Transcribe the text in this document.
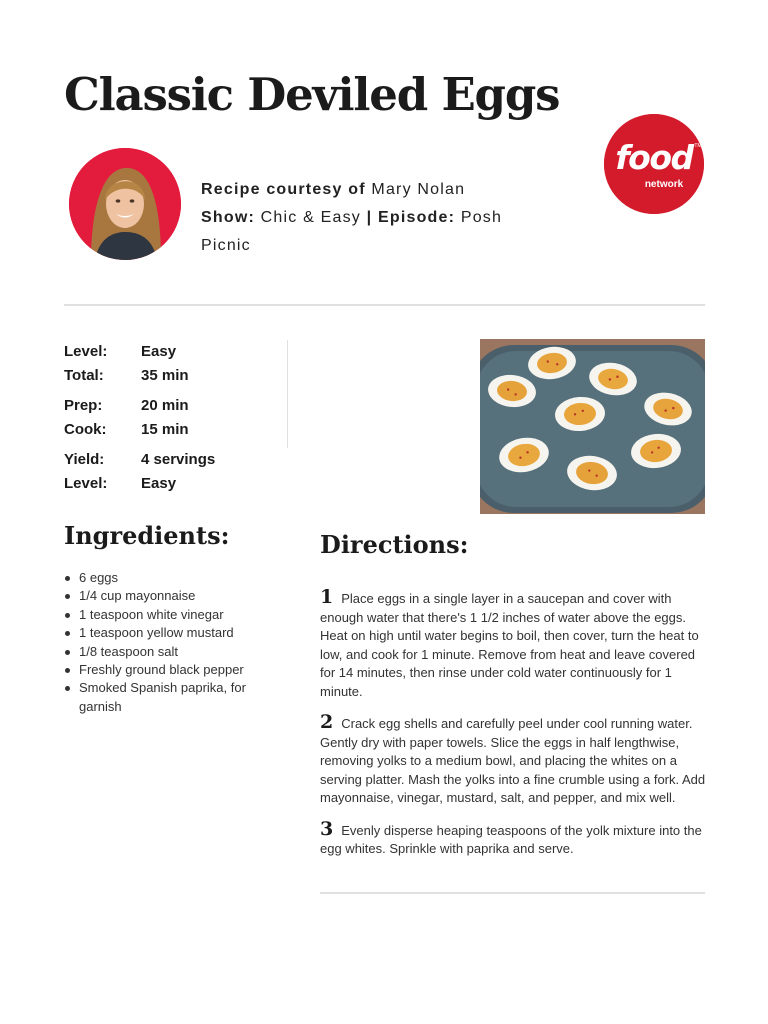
Classic Deviled Eggs
Recipe courtesy of Mary Nolan
Show: Chic & Easy | Episode: Posh Picnic
food
network
TM
Level:	Easy
Total:	35 min
Prep:	20 min
Cook:	15 min
Yield:	4 servings
Level:	Easy
Ingredients:
6 eggs
1/4 cup mayonnaise
1 teaspoon white vinegar
1 teaspoon yellow mustard
1/8 teaspoon salt
Freshly ground black pepper
Smoked Spanish paprika, for garnish
Directions:
1 Place eggs in a single layer in a saucepan and cover with enough water that there's 1 1/2 inches of water above the eggs. Heat on high until water begins to boil, then cover, turn the heat to low, and cook for 1 minute. Remove from heat and leave covered for 14 minutes, then rinse under cold water continuously for 1 minute.
2 Crack egg shells and carefully peel under cool running water. Gently dry with paper towels. Slice the eggs in half lengthwise, removing yolks to a medium bowl, and placing the whites on a serving platter. Mash the yolks into a fine crumble using a fork. Add mayonnaise, vinegar, mustard, salt, and pepper, and mix well.
3 Evenly disperse heaping teaspoons of the yolk mixture into the egg whites. Sprinkle with paprika and serve.
